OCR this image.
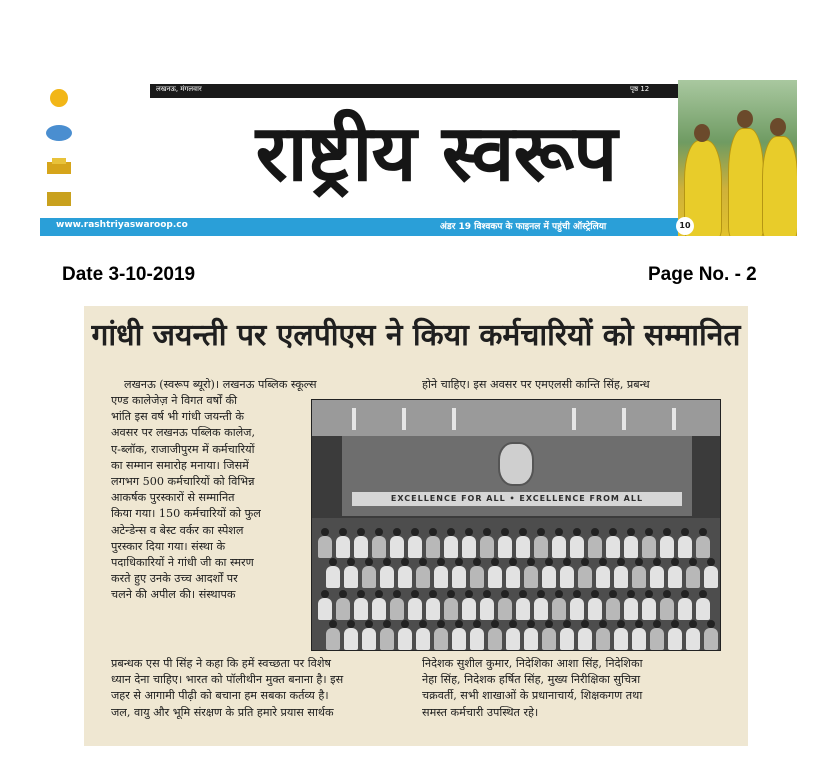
लखनऊ, मंगलवार	पृष्ठ 12
राष्ट्रीय स्वरूप
www.rashtriyaswaroop.co	अंडर 19 विश्वकप के फाइनल में पहुंची ऑस्ट्रेलिया	10
Date 3-10-2019	Page No. - 2
गांधी जयन्ती पर एलपीएस ने किया कर्मचारियों को सम्मानित
लखनऊ (स्वरूप ब्यूरो)। लखनऊ पब्लिक स्कूल्स	होने चाहिए। इस अवसर पर एमएलसी कान्ति सिंह, प्रबन्ध
एण्ड कालेजेज़ ने विगत वर्षों की
भांति इस वर्ष भी गांधी जयन्ती के
अवसर पर लखनऊ पब्लिक कालेज,
ए-ब्लॉक, राजाजीपुरम में कर्मचारियों
का सम्मान समारोह मनाया। जिसमें
लगभग 500 कर्मचारियों को विभिन्न
आकर्षक पुरस्कारों से सम्मानित
किया गया। 150 कर्मचारियों को फुल
अटेन्डेन्स व बेस्ट वर्कर का स्पेशल
पुरस्कार दिया गया। संस्था के
पदाधिकारियों ने गांधी जी का स्मरण
करते हुए उनके उच्च आदर्शों पर
चलने की अपील की। संस्थापक
EXCELLENCE FOR ALL • EXCELLENCE FROM ALL
प्रबन्धक एस पी सिंह ने कहा कि हमें स्वच्छता पर विशेष
ध्यान देना चाहिए। भारत को पॉलीथीन मुक्त बनाना है। इस
जहर से आगामी पीढ़ी को बचाना हम सबका कर्तव्य है।
जल, वायु और भूमि संरक्षण के प्रति हमारे प्रयास सार्थक
निदेशक सुशील कुमार, निदेशिका आशा सिंह, निदेशिका
नेहा सिंह, निदेशक हर्षित सिंह, मुख्य निरीक्षिका सुचित्रा
चक्रवर्ती, सभी शाखाओं के प्रधानाचार्य, शिक्षकगण तथा
समस्त कर्मचारी उपस्थित रहे।
